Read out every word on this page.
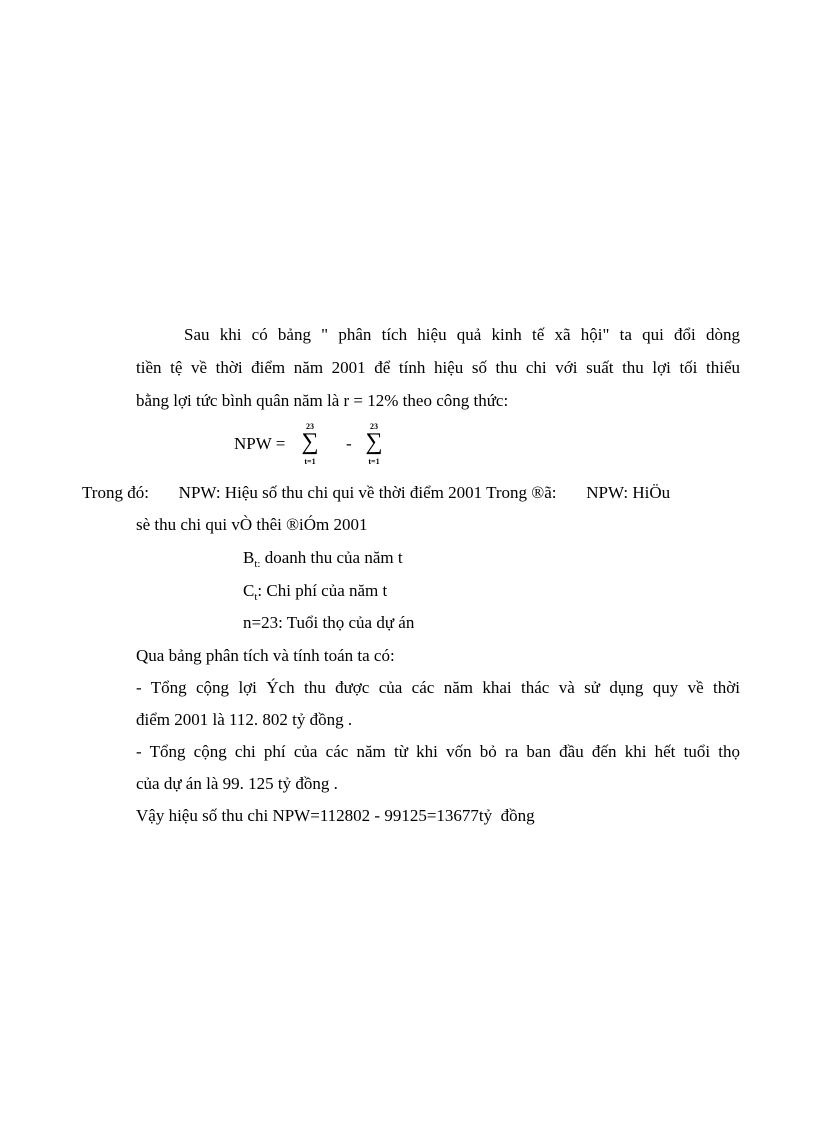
Sau khi có bảng " phân tích hiệu quả kinh tế xã hội" ta qui đổi dòng
tiền tệ về thời điểm năm 2001 để tính hiệu số thu chi với suất thu lợi tối thiểu
bằng lợi tức bình quân năm là r = 12% theo công thức:
NPW =
23
∑
t=1
-
23
∑
t=1
Trong đó:       NPW: Hiệu số thu chi qui về thời điểm 2001 Trong ®ã:       NPW: HiÖu
sè thu chi qui vÒ thêi ®iÓm 2001
$B_{t:}$ doanh thu của năm t
$C_t$: Chi phí của năm t
n=23: Tuổi thọ của dự án
Qua bảng phân tích và tính toán ta có:
- Tổng cộng lợi Ých thu được của các năm khai thác và sử dụng quy về thời
điểm 2001 là 112. 802 tỷ đồng .
- Tổng cộng chi phí của các năm từ khi vốn bỏ ra ban đầu đến khi hết tuổi thọ
của dự án là 99. 125 tỷ đồng .
Vậy hiệu số thu chi NPW=112802 - 99125=13677tỷ  đồng
